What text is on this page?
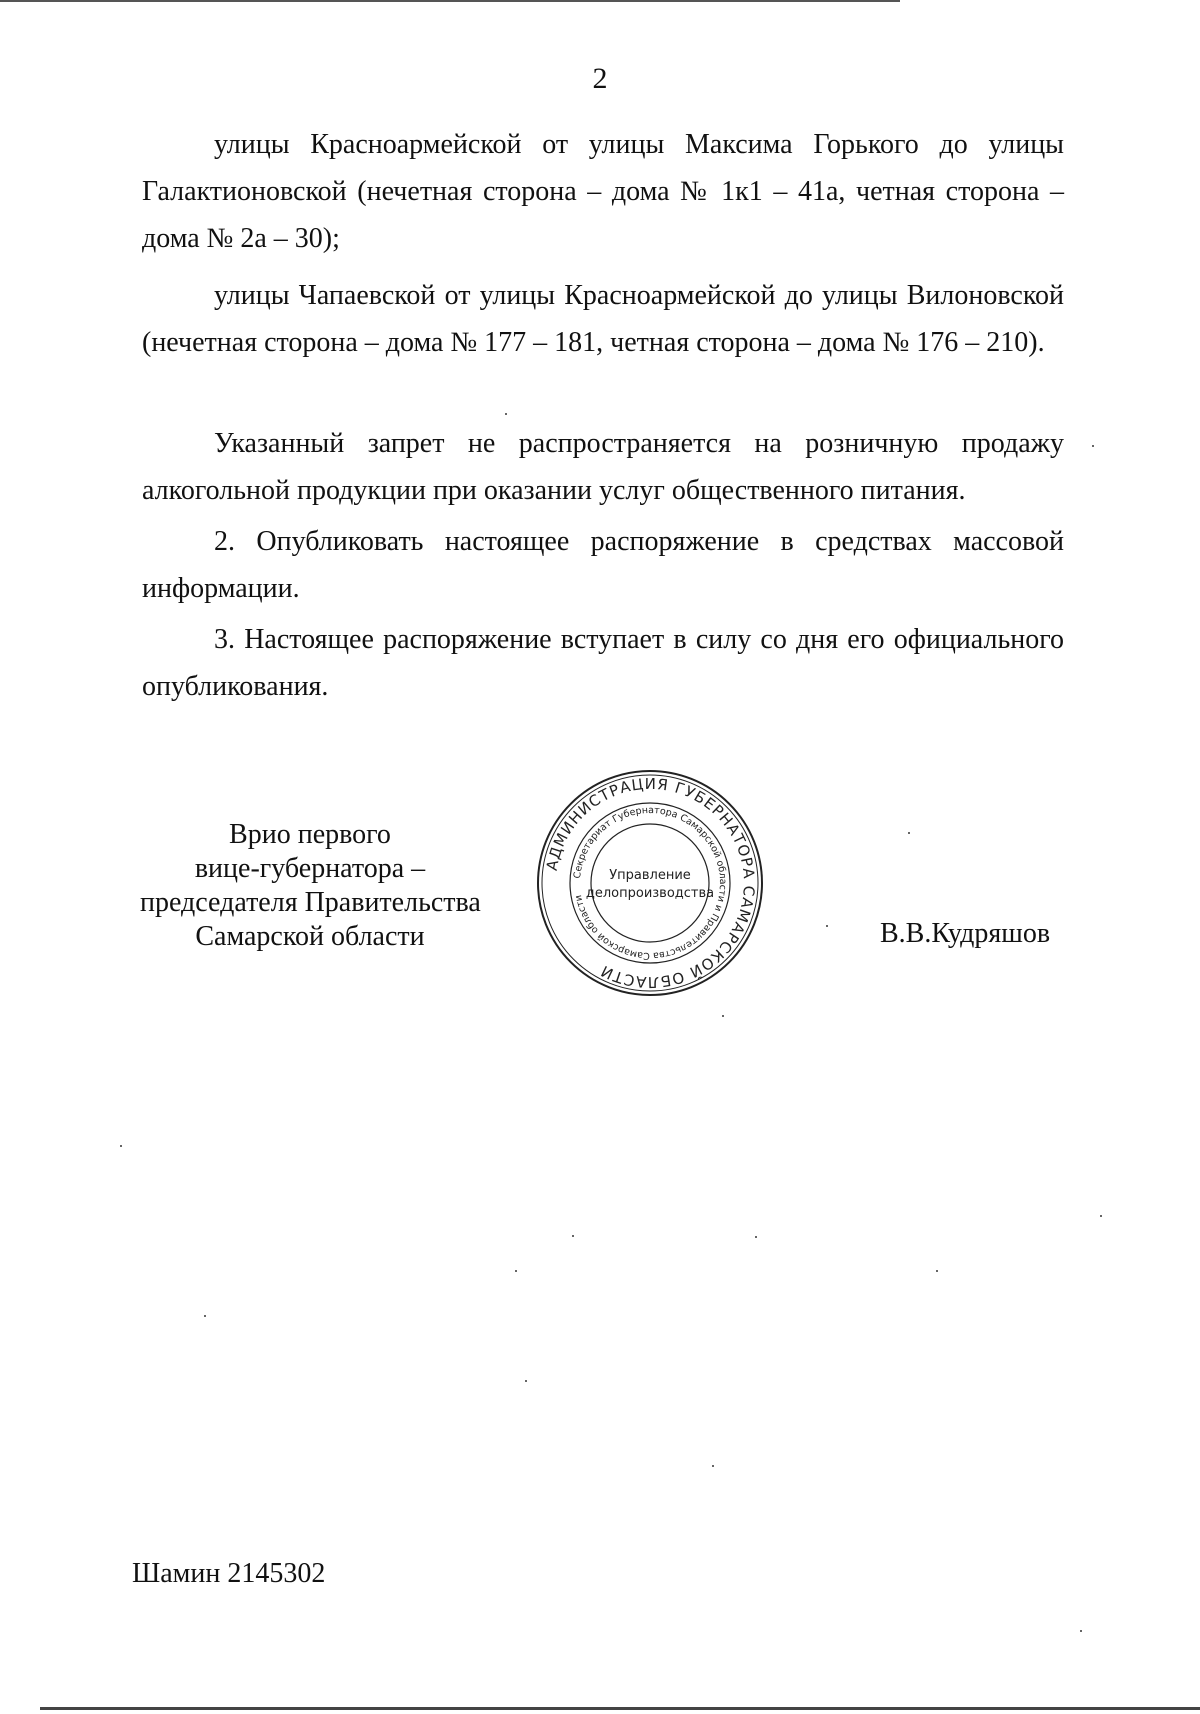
2

улицы Красноармейской от улицы Максима Горького до улицы Галактионовской (нечетная сторона – дома № 1к1 – 41а, четная сторона – дома № 2а – 30);

улицы Чапаевской от улицы Красноармейской до улицы Вилоновской (нечетная сторона – дома № 177 – 181, четная сторона – дома № 176 – 210).

Указанный запрет не распространяется на розничную продажу алкогольной продукции при оказании услуг общественного питания.

2. Опубликовать настоящее распоряжение в средствах массовой информации.

3. Настоящее распоряжение вступает в силу со дня его официального опубликования.

Врио первого
вице-губернатора –
председателя Правительства
Самарской области
АДМИНИСТРАЦИЯ ГУБЕРНАТОРА САМАРСКОЙ ОБЛАСТИ
Секретариат Губернатора Самарской области и Правительства Самарской области
Управление
делопроизводства
В.В.Кудряшов
Шамин 2145302
